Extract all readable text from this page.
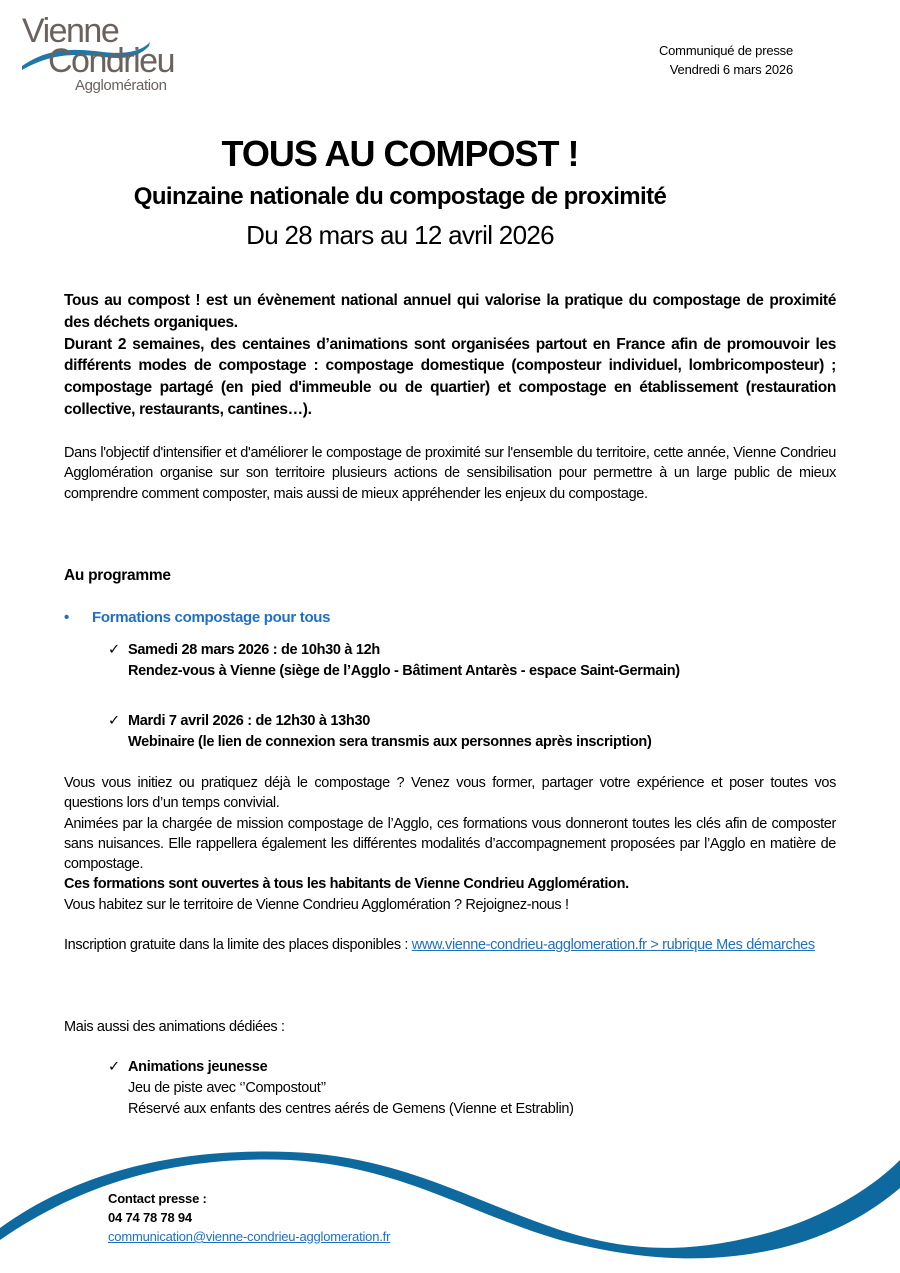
Vienne
Condrieu
Agglomération
Communiqué de presse
Vendredi 6 mars 2026
TOUS AU COMPOST !
Quinzaine nationale du compostage de proximité
Du 28 mars au 12 avril 2026
Tous au compost ! est un évènement national annuel qui valorise la pratique du compostage de proximité des déchets organiques.
Durant 2 semaines, des centaines d’animations sont organisées partout en France afin de promouvoir les différents modes de compostage : compostage domestique (composteur individuel, lombricomposteur) ; compostage partagé (en pied d'immeuble ou de quartier) et compostage en établissement (restauration collective, restaurants, cantines…).
Dans l'objectif d'intensifier et d'améliorer le compostage de proximité sur l'ensemble du territoire, cette année, Vienne Condrieu Agglomération organise sur son territoire plusieurs actions de sensibilisation pour permettre à un large public de mieux comprendre comment composter, mais aussi de mieux appréhender les enjeux du compostage.
Au programme
• Formations compostage pour tous
✓ Samedi 28 mars 2026 : de 10h30 à 12h
Rendez-vous à Vienne (siège de l’Agglo - Bâtiment Antarès - espace Saint-Germain)
✓ Mardi 7 avril 2026 : de 12h30 à 13h30
Webinaire (le lien de connexion sera transmis aux personnes après inscription)
Vous vous initiez ou pratiquez déjà le compostage ? Venez vous former, partager votre expérience et poser toutes vos questions lors d’un temps convivial.
Animées par la chargée de mission compostage de l’Agglo, ces formations vous donneront toutes les clés afin de composter sans nuisances. Elle rappellera également les différentes modalités d’accompagnement proposées par l’Agglo en matière de compostage.
Ces formations sont ouvertes à tous les habitants de Vienne Condrieu Agglomération.
Vous habitez sur le territoire de Vienne Condrieu Agglomération ? Rejoignez-nous !
Inscription gratuite dans la limite des places disponibles : www.vienne-condrieu-agglomeration.fr > rubrique Mes démarches
Mais aussi des animations dédiées :
✓ Animations jeunesse
Jeu de piste avec ‘’Compostout’’
Réservé aux enfants des centres aérés de Gemens (Vienne et Estrablin)
Contact presse :
04 74 78 78 94
communication@vienne-condrieu-agglomeration.fr
